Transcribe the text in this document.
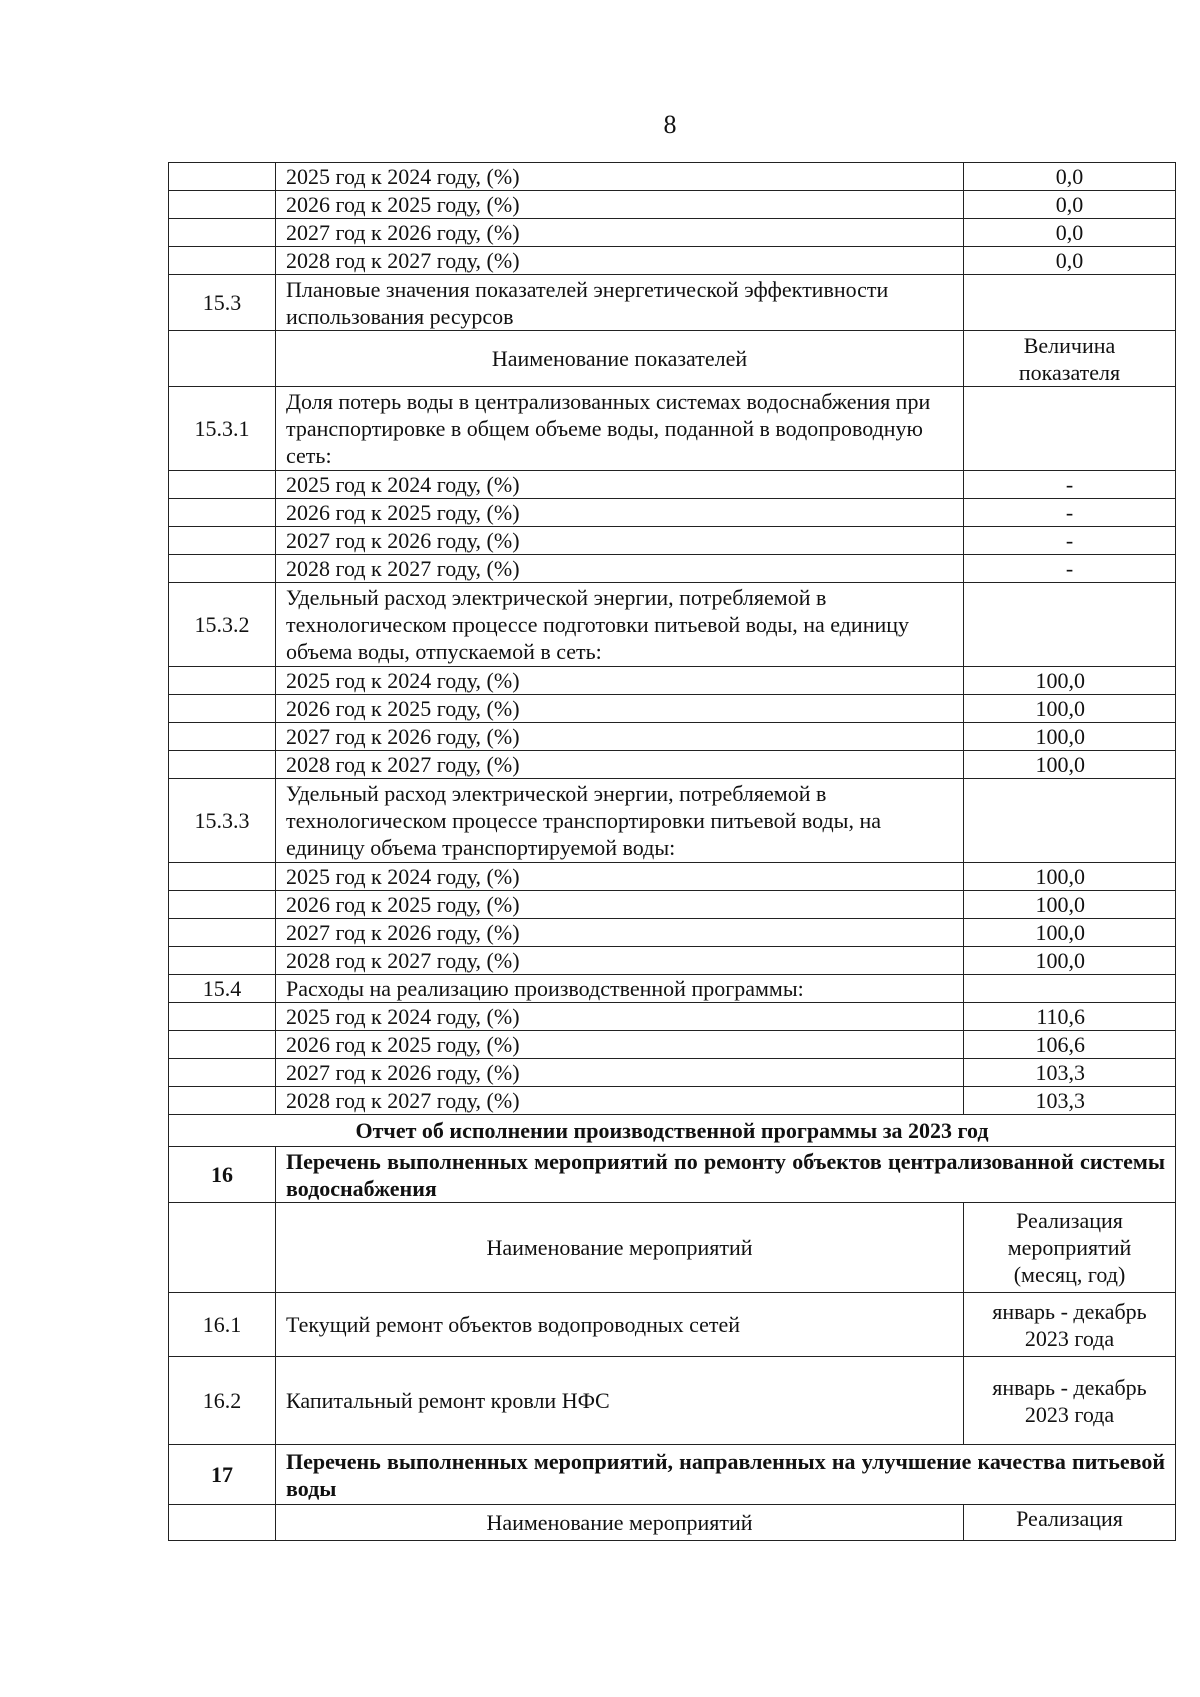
8
	2025 год к 2024 году, (%)	0,0
	2026 год к 2025 году, (%)	0,0
	2027 год к 2026 году, (%)	0,0
	2028 год к 2027 году, (%)	0,0
15.3	Плановые значения показателей энергетической эффективности использования ресурсов	
	Наименование показателей	Величина показателя
15.3.1	Доля потерь воды в централизованных системах водоснабжения при транспортировке в общем объеме воды, поданной в водопроводную сеть:	
	2025 год к 2024 году, (%)	-
	2026 год к 2025 году, (%)	-
	2027 год к 2026 году, (%)	-
	2028 год к 2027 году, (%)	-
15.3.2	Удельный расход электрической энергии, потребляемой в технологическом процессе подготовки питьевой воды, на единицу объема воды, отпускаемой в сеть:	
	2025 год к 2024 году, (%)	100,0
	2026 год к 2025 году, (%)	100,0
	2027 год к 2026 году, (%)	100,0
	2028 год к 2027 году, (%)	100,0
15.3.3	Удельный расход электрической энергии, потребляемой в технологическом процессе транспортировки питьевой воды, на единицу объема транспортируемой воды:	
	2025 год к 2024 году, (%)	100,0
	2026 год к 2025 году, (%)	100,0
	2027 год к 2026 году, (%)	100,0
	2028 год к 2027 году, (%)	100,0
15.4	Расходы на реализацию производственной программы:	
	2025 год к 2024 году, (%)	110,6
	2026 год к 2025 году, (%)	106,6
	2027 год к 2026 году, (%)	103,3
	2028 год к 2027 году, (%)	103,3
Отчет об исполнении производственной программы за 2023 год		
16	Перечень выполненных мероприятий по ремонту объектов централизованной системы водоснабжения	
	Наименование мероприятий	Реализация мероприятий (месяц, год)
16.1	Текущий ремонт объектов водопроводных сетей	январь - декабрь 2023 года
16.2	Капитальный ремонт кровли НФС	январь - декабрь 2023 года
17	Перечень выполненных мероприятий, направленных на улучшение качества питьевой воды	
	Наименование мероприятий	Реализация
